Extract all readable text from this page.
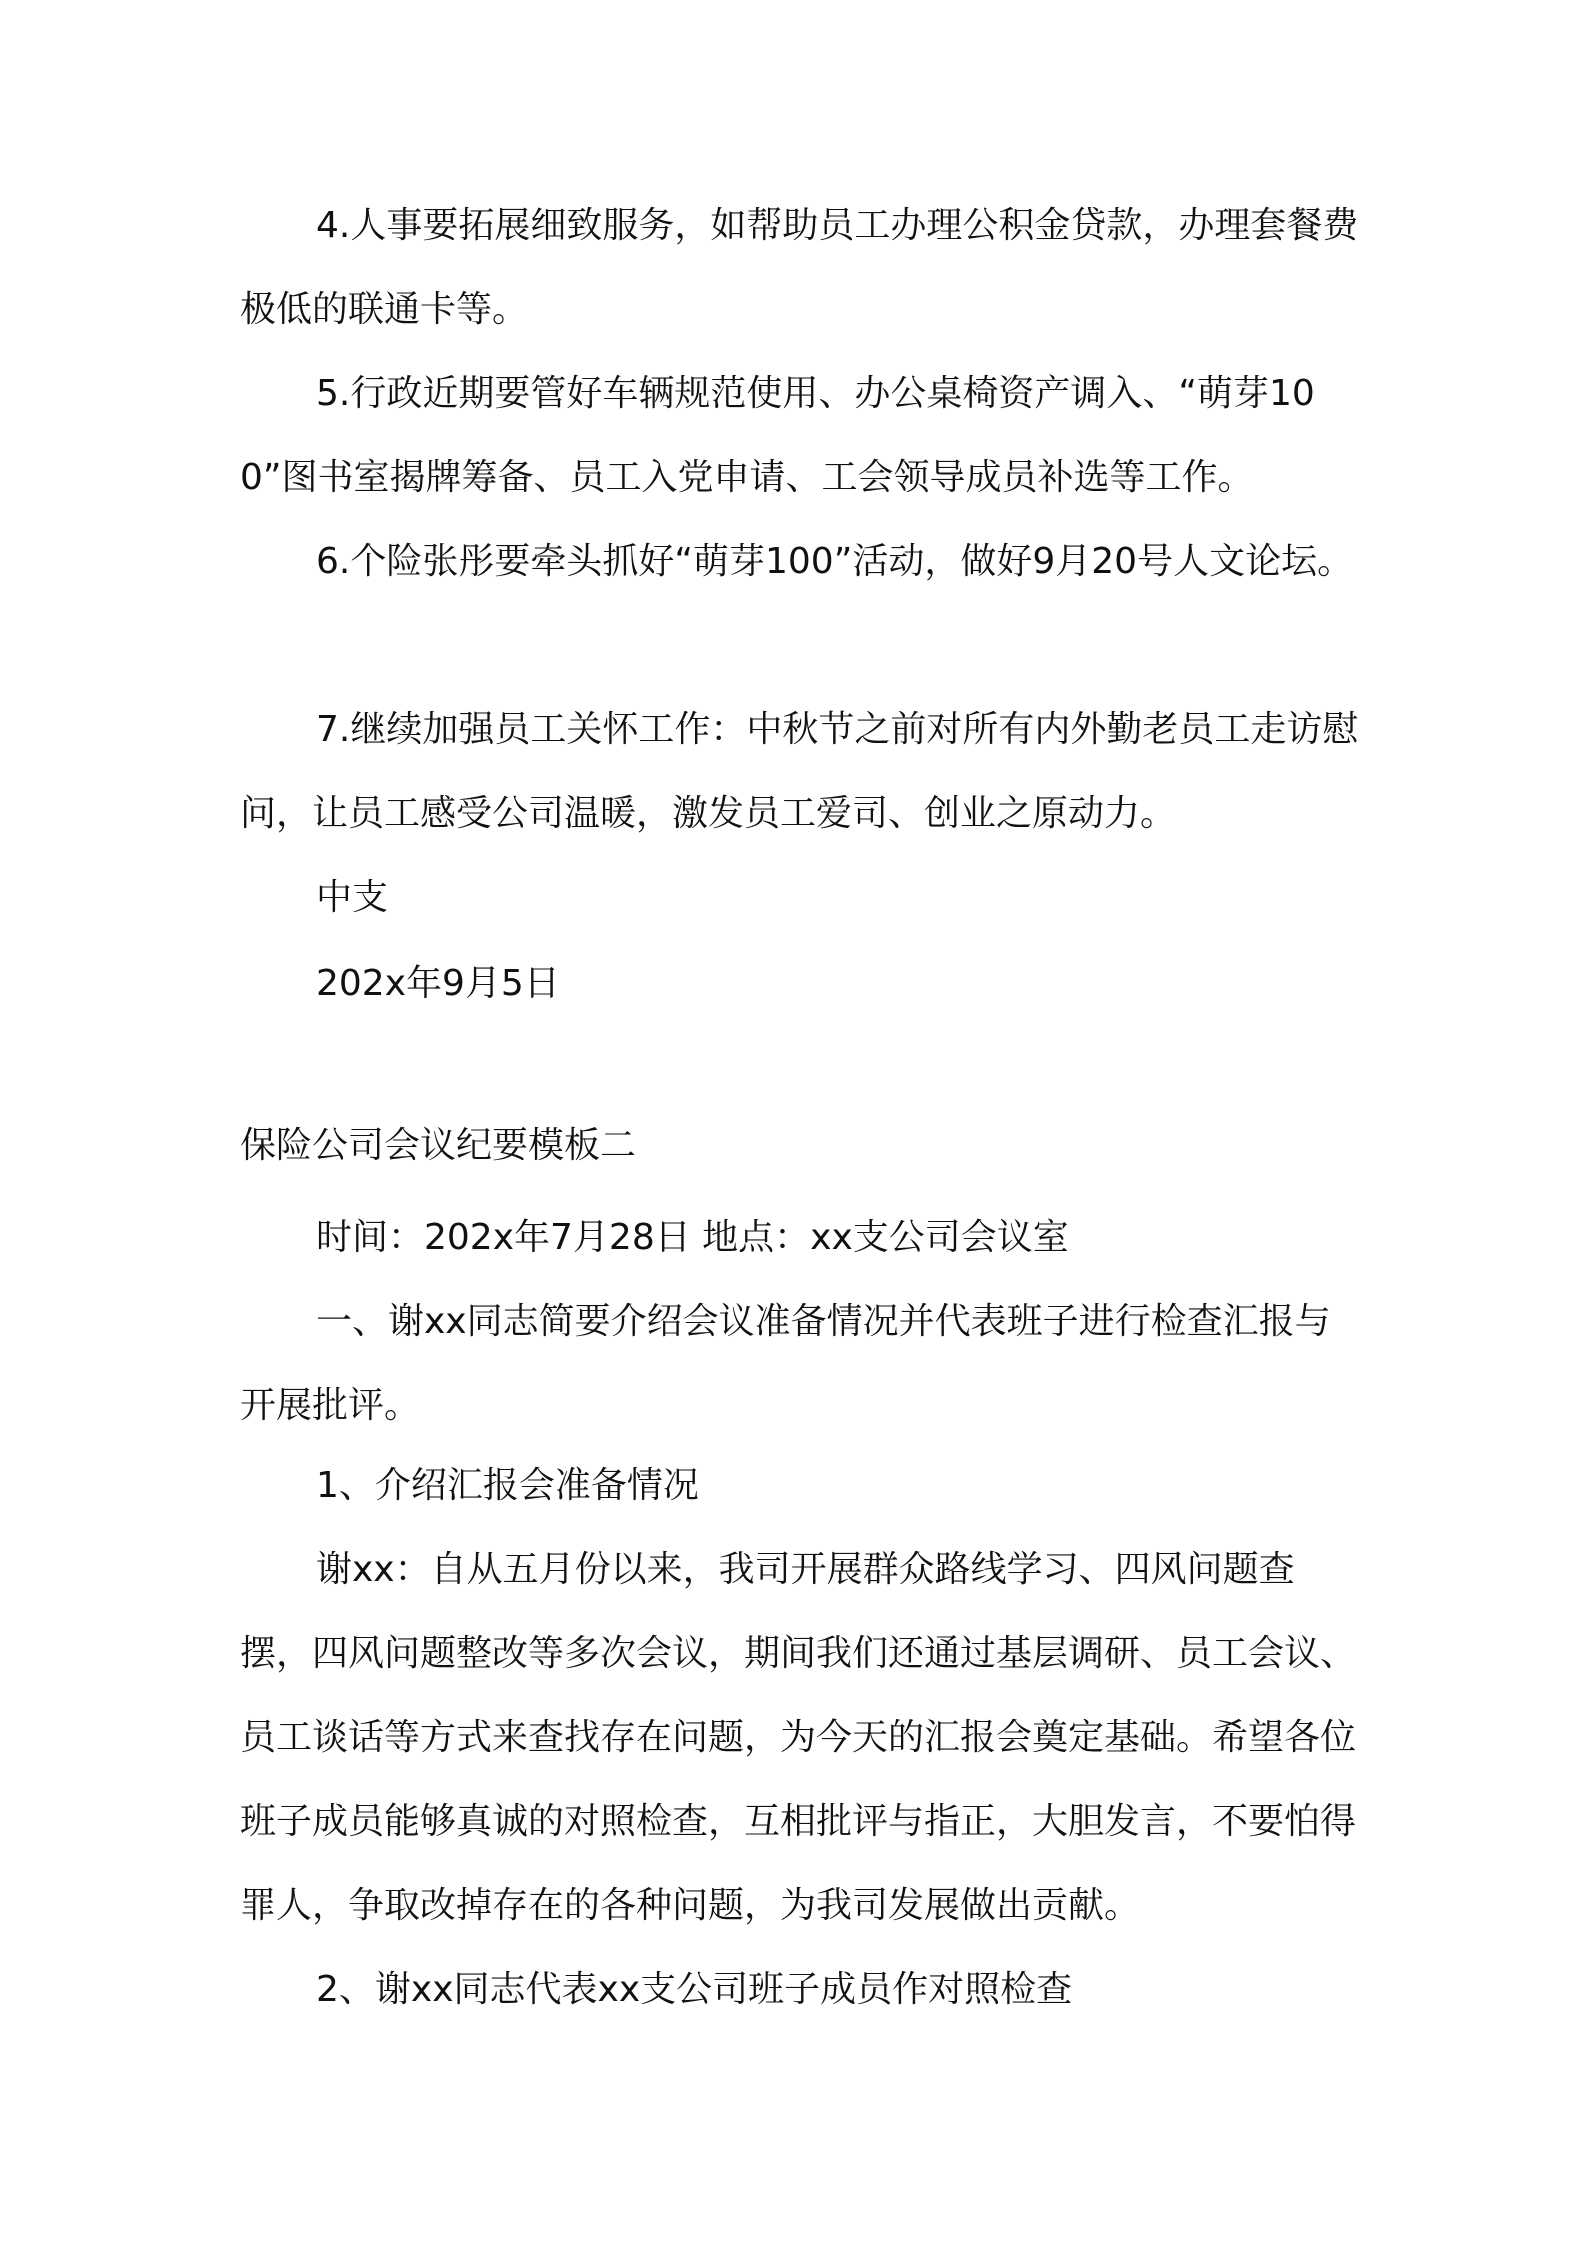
4.人事要拓展细致服务，如帮助员工办理公积金贷款，办理套餐费极低的联通卡等。

5.行政近期要管好车辆规范使用、办公桌椅资产调入、“萌芽100”图书室揭牌筹备、员工入党申请、工会领导成员补选等工作。

6.个险张彤要牵头抓好“萌芽100”活动，做好9月20号人文论坛。

7.继续加强员工关怀工作：中秋节之前对所有内外勤老员工走访慰问，让员工感受公司温暖，激发员工爱司、创业之原动力。

中支

202x年9月5日

保险公司会议纪要模板二

时间：202x年7月28日 地点：xx支公司会议室

一、谢xx同志简要介绍会议准备情况并代表班子进行检查汇报与开展批评。

1、介绍汇报会准备情况

谢xx：自从五月份以来，我司开展群众路线学习、四风问题查摆，四风问题整改等多次会议，期间我们还通过基层调研、员工会议、员工谈话等方式来查找存在问题，为今天的汇报会奠定基础。希望各位班子成员能够真诚的对照检查，互相批评与指正，大胆发言，不要怕得罪人，争取改掉存在的各种问题，为我司发展做出贡献。

2、谢xx同志代表xx支公司班子成员作对照检查
